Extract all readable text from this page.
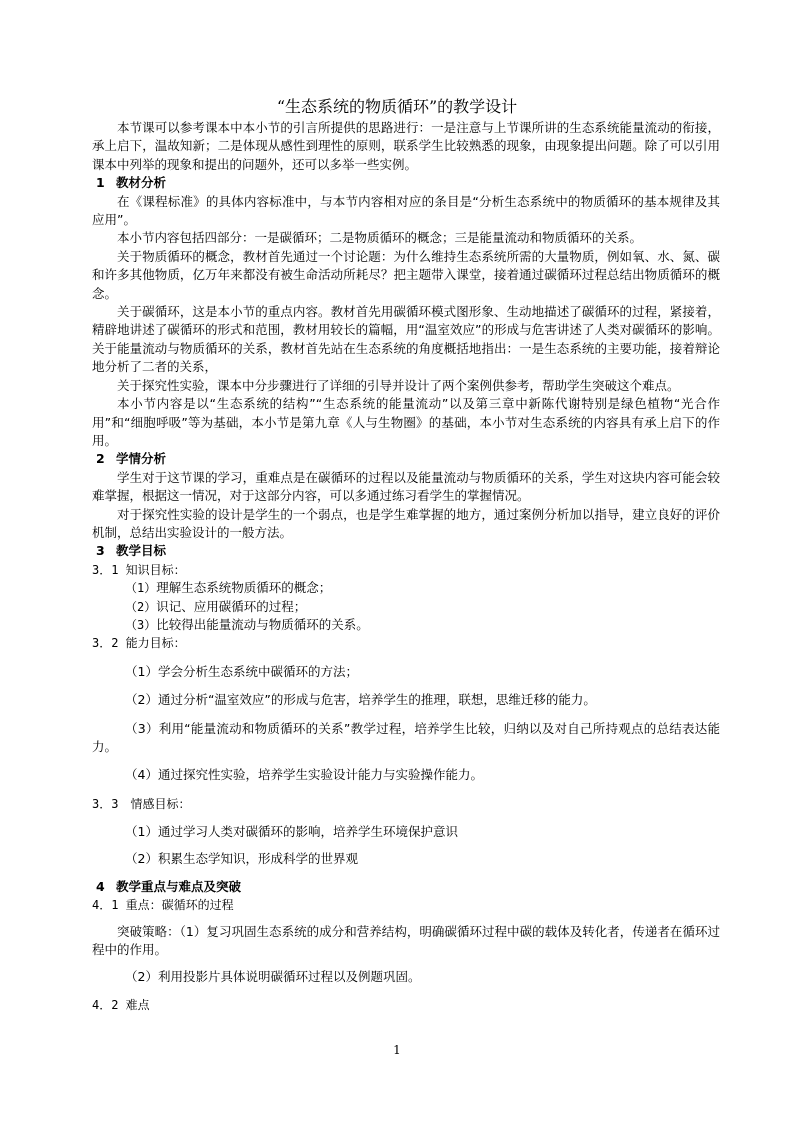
“生态系统的物质循环”的教学设计

本节课可以参考课本中本小节的引言所提供的思路进行：一是注意与上节课所讲的生态系统能量流动的衔接，承上启下，温故知新；二是体现从感性到理性的原则，联系学生比较熟悉的现象，由现象提出问题。除了可以引用课本中列举的现象和提出的问题外，还可以多举一些实例。

1 教材分析

在《课程标准》的具体内容标准中，与本节内容相对应的条目是“分析生态系统中的物质循环的基本规律及其应用”。

本小节内容包括四部分：一是碳循环；二是物质循环的概念；三是能量流动和物质循环的关系。

关于物质循环的概念，教材首先通过一个讨论题：为什么维持生态系统所需的大量物质，例如氧、水、氮、碳和许多其他物质，亿万年来都没有被生命活动所耗尽？把主题带入课堂，接着通过碳循环过程总结出物质循环的概念。

关于碳循环，这是本小节的重点内容。教材首先用碳循环模式图形象、生动地描述了碳循环的过程，紧接着，精辟地讲述了碳循环的形式和范围，教材用较长的篇幅，用“温室效应”的形成与危害讲述了人类对碳循环的影响。关于能量流动与物质循环的关系，教材首先站在生态系统的角度概括地指出：一是生态系统的主要功能，接着辩论地分析了二者的关系，

关于探究性实验，课本中分步骤进行了详细的引导并设计了两个案例供参考，帮助学生突破这个难点。

本小节内容是以“生态系统的结构”“生态系统的能量流动”以及第三章中新陈代谢特别是绿色植物“光合作用”和“细胞呼吸”等为基础，本小节是第九章《人与生物圈》的基础，本小节对生态系统的内容具有承上启下的作用。

2 学情分析

学生对于这节课的学习，重难点是在碳循环的过程以及能量流动与物质循环的关系，学生对这块内容可能会较难掌握，根据这一情况，对于这部分内容，可以多通过练习看学生的掌握情况。

对于探究性实验的设计是学生的一个弱点，也是学生难掌握的地方，通过案例分析加以指导，建立良好的评价机制，总结出实验设计的一般方法。

3 教学目标

3．1 知识目标：

（1）理解生态系统物质循环的概念；

（2）识记、应用碳循环的过程；

（3）比较得出能量流动与物质循环的关系。

3．2 能力目标：

（1）学会分析生态系统中碳循环的方法；

（2）通过分析“温室效应”的形成与危害，培养学生的推理，联想，思维迁移的能力。

（3）利用“能量流动和物质循环的关系”教学过程，培养学生比较，归纳以及对自己所持观点的总结表达能力。

（4）通过探究性实验，培养学生实验设计能力与实验操作能力。

3．3　情感目标：

（1）通过学习人类对碳循环的影响，培养学生环境保护意识

（2）积累生态学知识，形成科学的世界观

4 教学重点与难点及突破

4．1 重点：碳循环的过程

突破策略：（1）复习巩固生态系统的成分和营养结构，明确碳循环过程中碳的载体及转化者，传递者在循环过程中的作用。

（2）利用投影片具体说明碳循环过程以及例题巩固。

4．2 难点

1
